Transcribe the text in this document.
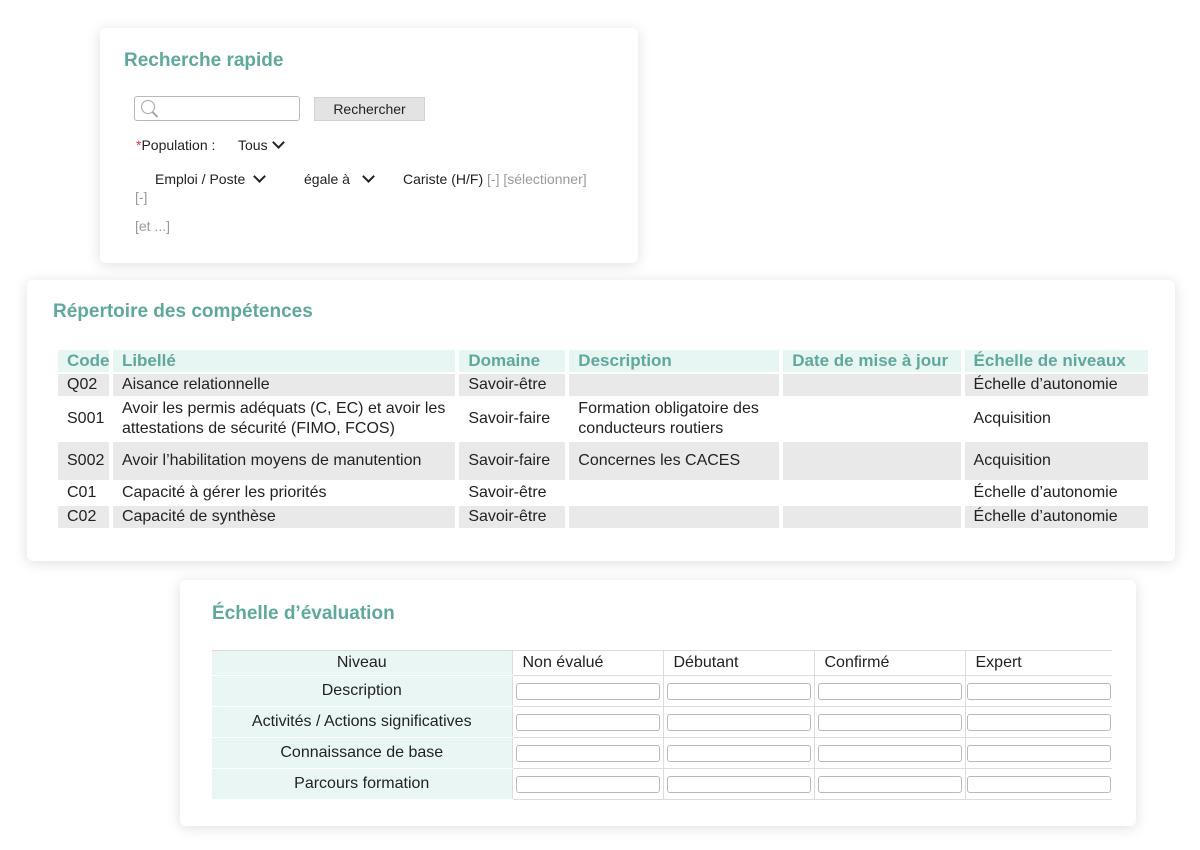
Recherche rapide
Rechercher
*Population : Tous
Emploi / Poste	égale à	Cariste (H/F) [-] [sélectionner]
[-]
[et ...]
Répertoire des compétences
Code	Libellé	Domaine	Description	Date de mise à jour	Échelle de niveaux
Q02	Aisance relationnelle	Savoir-être			Échelle d’autonomie
S001	Avoir les permis adéquats (C, EC) et avoir les attestations de sécurité (FIMO, FCOS)	Savoir-faire	Formation obligatoire des conducteurs routiers		Acquisition
S002	Avoir l’habilitation moyens de manutention	Savoir-faire	Concernes les CACES		Acquisition
C01	Capacité à gérer les priorités	Savoir-être			Échelle d’autonomie
C02	Capacité de synthèse	Savoir-être			Échelle d’autonomie
Échelle d’évaluation
Niveau	Non évalué	Débutant	Confirmé	Expert
Description	

Activités / Actions significatives	

Connaissance de base	

Parcours formation	
